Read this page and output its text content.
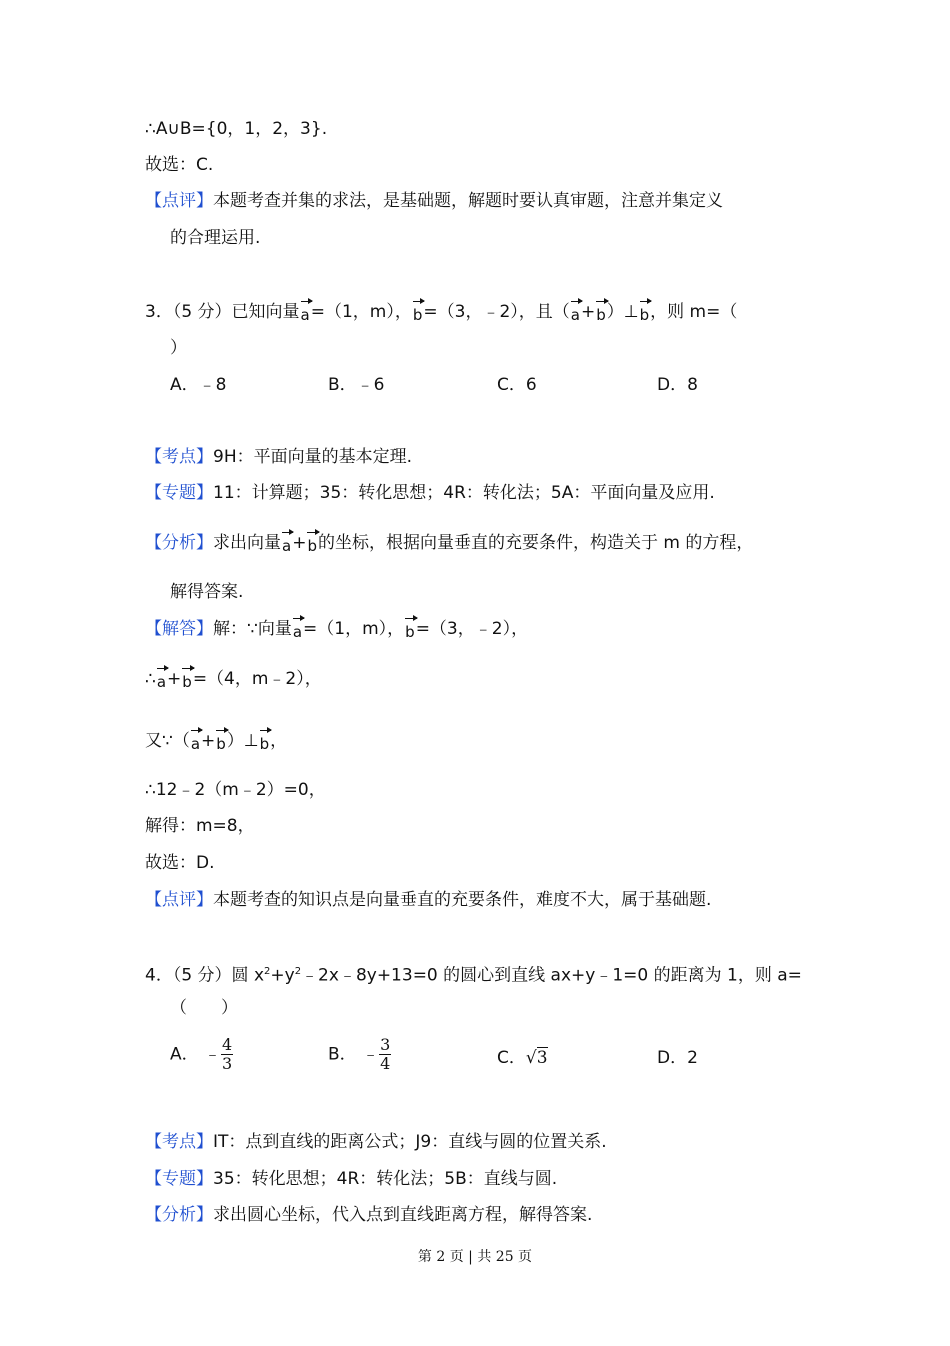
∴A∪B={0，1，2，3}.
故选：C.
【点评】本题考查并集的求法，是基础题，解题时要认真审题，注意并集定义
的合理运用.
3．（5 分）已知向量a=（1，m），b=（3，﹣2），且（a+b）⊥b，则 m=（
）
A．﹣8	B．﹣6	C．6	D．8
【考点】9H：平面向量的基本定理.
【专题】11：计算题；35：转化思想；4R：转化法；5A：平面向量及应用.
【分析】求出向量a+b的坐标，根据向量垂直的充要条件，构造关于 m 的方程，
解得答案.
【解答】解：∵向量a=（1，m），b=（3，﹣2），
∴a+b=（4，m﹣2），
又∵（a+b）⊥b，
∴12﹣2（m﹣2）=0，
解得：m=8，
故选：D.
【点评】本题考查的知识点是向量垂直的充要条件，难度不大，属于基础题.
4．（5 分）圆 $x^2+y^2﹣2x﹣8y+13=0$ 的圆心到直线 ax+y﹣1=0 的距离为 1，则 a=
（　　）
A． ﹣ $\frac{4}{3}$	B． ﹣ $\frac{3}{4}$	C．√3	D．2
【考点】IT：点到直线的距离公式；J9：直线与圆的位置关系.
【专题】35：转化思想；4R：转化法；5B：直线与圆.
【分析】求出圆心坐标，代入点到直线距离方程，解得答案.
第 2 页 | 共 25 页
